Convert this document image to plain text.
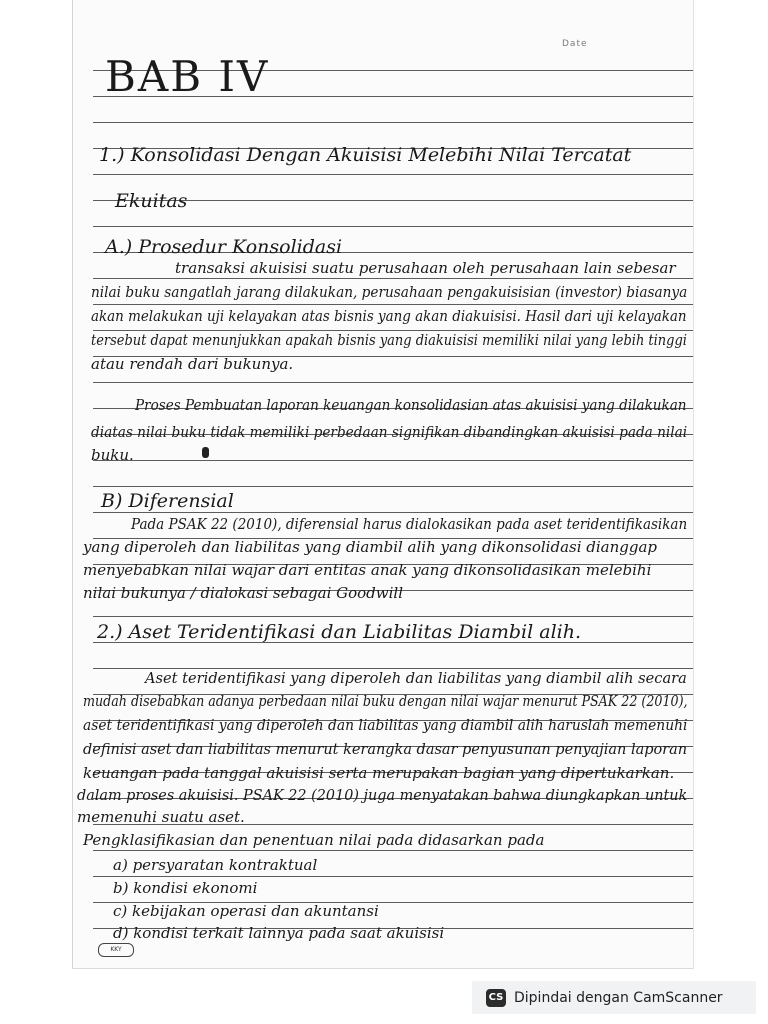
Date
BAB IV
1.) Konsolidasi Dengan Akuisisi Melebihi Nilai Tercatat
Ekuitas
A.) Prosedur Konsolidasi
transaksi akuisisi suatu perusahaan oleh perusahaan lain sebesar
nilai buku sangatlah jarang dilakukan, perusahaan pengakuisisian (investor) biasanya
akan melakukan uji kelayakan atas bisnis yang akan diakuisisi. Hasil dari uji kelayakan
tersebut dapat menunjukkan apakah bisnis yang diakuisisi memiliki nilai yang lebih tinggi
atau rendah dari bukunya.
Proses Pembuatan laporan keuangan konsolidasian atas akuisisi yang dilakukan
diatas nilai buku tidak memiliki perbedaan signifikan dibandingkan akuisisi pada nilai
buku.
B) Diferensial
Pada PSAK 22 (2010), diferensial harus dialokasikan pada aset teridentifikasikan
yang diperoleh dan liabilitas yang diambil alih yang dikonsolidasi dianggap
menyebabkan nilai wajar dari entitas anak yang dikonsolidasikan melebihi
nilai bukunya / dialokasi sebagai Goodwill
2.) Aset Teridentifikasi dan Liabilitas Diambil alih.
Aset teridentifikasi yang diperoleh dan liabilitas yang diambil alih secara
mudah disebabkan adanya perbedaan nilai buku dengan nilai wajar menurut PSAK 22 (2010),
aset teridentifikasi yang diperoleh dan liabilitas yang diambil alih haruslah memenuhi
definisi aset dan liabilitas menurut kerangka dasar penyusunan penyajian laporan
keuangan pada tanggal akuisisi serta merupakan bagian yang dipertukarkan.
dalam proses akuisisi. PSAK 22 (2010) juga menyatakan bahwa diungkapkan untuk
memenuhi suatu aset.
Pengklasifikasian dan penentuan nilai pada didasarkan pada
a) persyaratan kontraktual
b) kondisi ekonomi
c) kebijakan operasi dan akuntansi
d) kondisi terkait lainnya pada saat akuisisi
KKY
CS Dipindai dengan CamScanner
